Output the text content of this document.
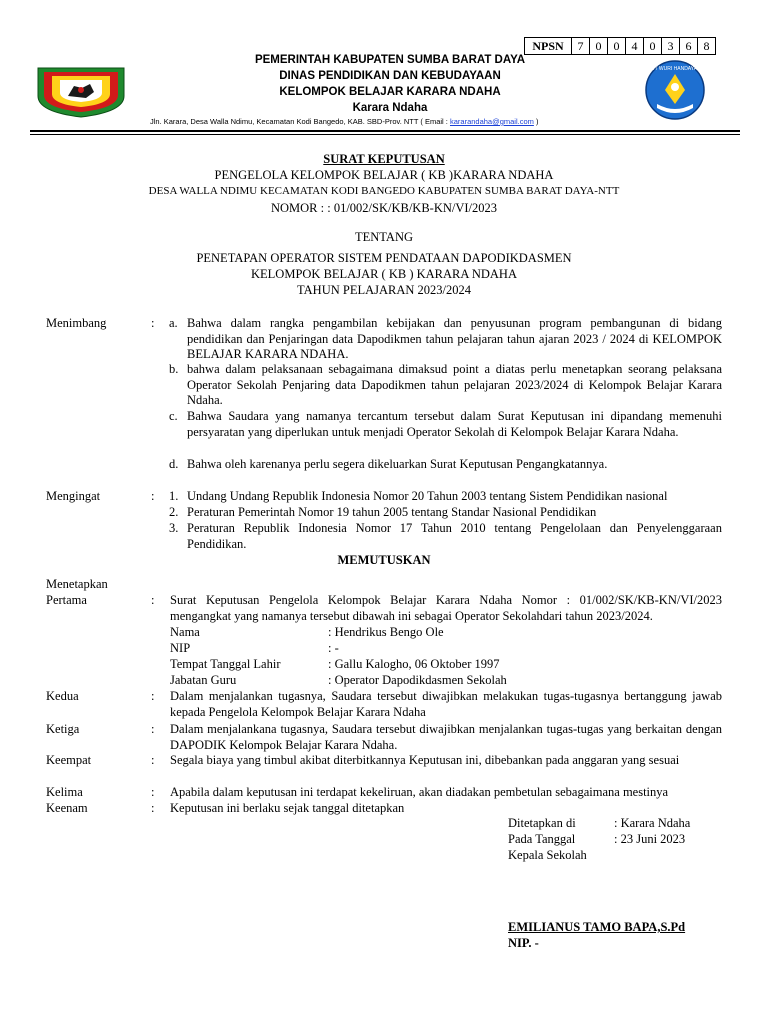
NPSN	7	0	0	4	0	3	6	8
TUT WURI HANDAYANI
PEMERINTAH KABUPATEN SUMBA BARAT DAYA
DINAS PENDIDIKAN DAN KEBUDAYAAN
KELOMPOK BELAJAR KARARA NDAHA
Karara Ndaha
Jln. Karara, Desa Walla Ndimu, Kecamatan Kodi Bangedo, KAB. SBD-Prov. NTT ( Email : kararandaha@gmail.com )
SURAT KEPUTUSAN
PENGELOLA KELOMPOK BELAJAR ( KB )KARARA NDAHA
DESA WALLA NDIMU KECAMATAN KODI BANGEDO KABUPATEN SUMBA BARAT DAYA-NTT
NOMOR : : 01/002/SK/KB/KB-KN/VI/2023
TENTANG
PENETAPAN OPERATOR SISTEM PENDATAAN DAPODIKDASMEN
KELOMPOK BELAJAR ( KB ) KARARA NDAHA
TAHUN PELAJARAN 2023/2024
Menimbang	: a. Bahwa dalam rangka pengambilan kebijakan dan penyusunan program pembangunan di bidang pendidikan dan Penjaringan data Dapodikmen tahun pelajaran tahun ajaran 2023 / 2024 di KELOMPOK BELAJAR KARARA NDAHA.
b. bahwa dalam pelaksanaan sebagaimana dimaksud point a diatas perlu menetapkan seorang pelaksana Operator Sekolah Penjaring data Dapodikmen tahun pelajaran 2023/2024 di Kelompok Belajar Karara Ndaha.
c. Bahwa Saudara yang namanya tercantum tersebut dalam Surat Keputusan ini dipandang memenuhi persyaratan yang diperlukan untuk menjadi Operator Sekolah di Kelompok Belajar Karara Ndaha.
d. Bahwa oleh karenanya perlu segera dikeluarkan Surat Keputusan Pengangkatannya.
Mengingat	: 1. Undang Undang Republik Indonesia Nomor 20 Tahun 2003 tentang Sistem Pendidikan nasional
2. Peraturan Pemerintah Nomor 19 tahun 2005 tentang Standar Nasional Pendidikan
3. Peraturan Republik Indonesia Nomor 17 Tahun 2010 tentang Pengelolaan dan Penyelenggaraan Pendidikan.
MEMUTUSKAN
Menetapkan
Pertama	: Surat Keputusan Pengelola Kelompok Belajar Karara Ndaha Nomor : 01/002/SK/KB-KN/VI/2023 mengangkat yang namanya tersebut dibawah ini sebagai Operator Sekolahdari tahun 2023/2024.
Nama	: Hendrikus Bengo Ole
NIP	: -
Tempat Tanggal Lahir	: Gallu Kalogho, 06 Oktober 1997
Jabatan Guru	: Operator Dapodikdasmen Sekolah
Kedua	: Dalam menjalankan tugasnya, Saudara tersebut diwajibkan melakukan tugas-tugasnya bertanggung jawab kepada Pengelola Kelompok Belajar Karara Ndaha
Ketiga	: Dalam menjalankana tugasnya, Saudara tersebut diwajibkan menjalankan tugas-tugas yang berkaitan dengan DAPODIK Kelompok Belajar Karara Ndaha.
Keempat	: Segala biaya yang timbul akibat diterbitkannya Keputusan ini, dibebankan pada anggaran yang sesuai
Kelima	: Apabila dalam keputusan ini terdapat kekeliruan, akan diadakan pembetulan sebagaimana mestinya
Keenam	: Keputusan ini berlaku sejak tanggal ditetapkan
Ditetapkan di	: Karara Ndaha
Pada Tanggal	: 23 Juni 2023
Kepala Sekolah
EMILIANUS TAMO BAPA,S.Pd
NIP. -
